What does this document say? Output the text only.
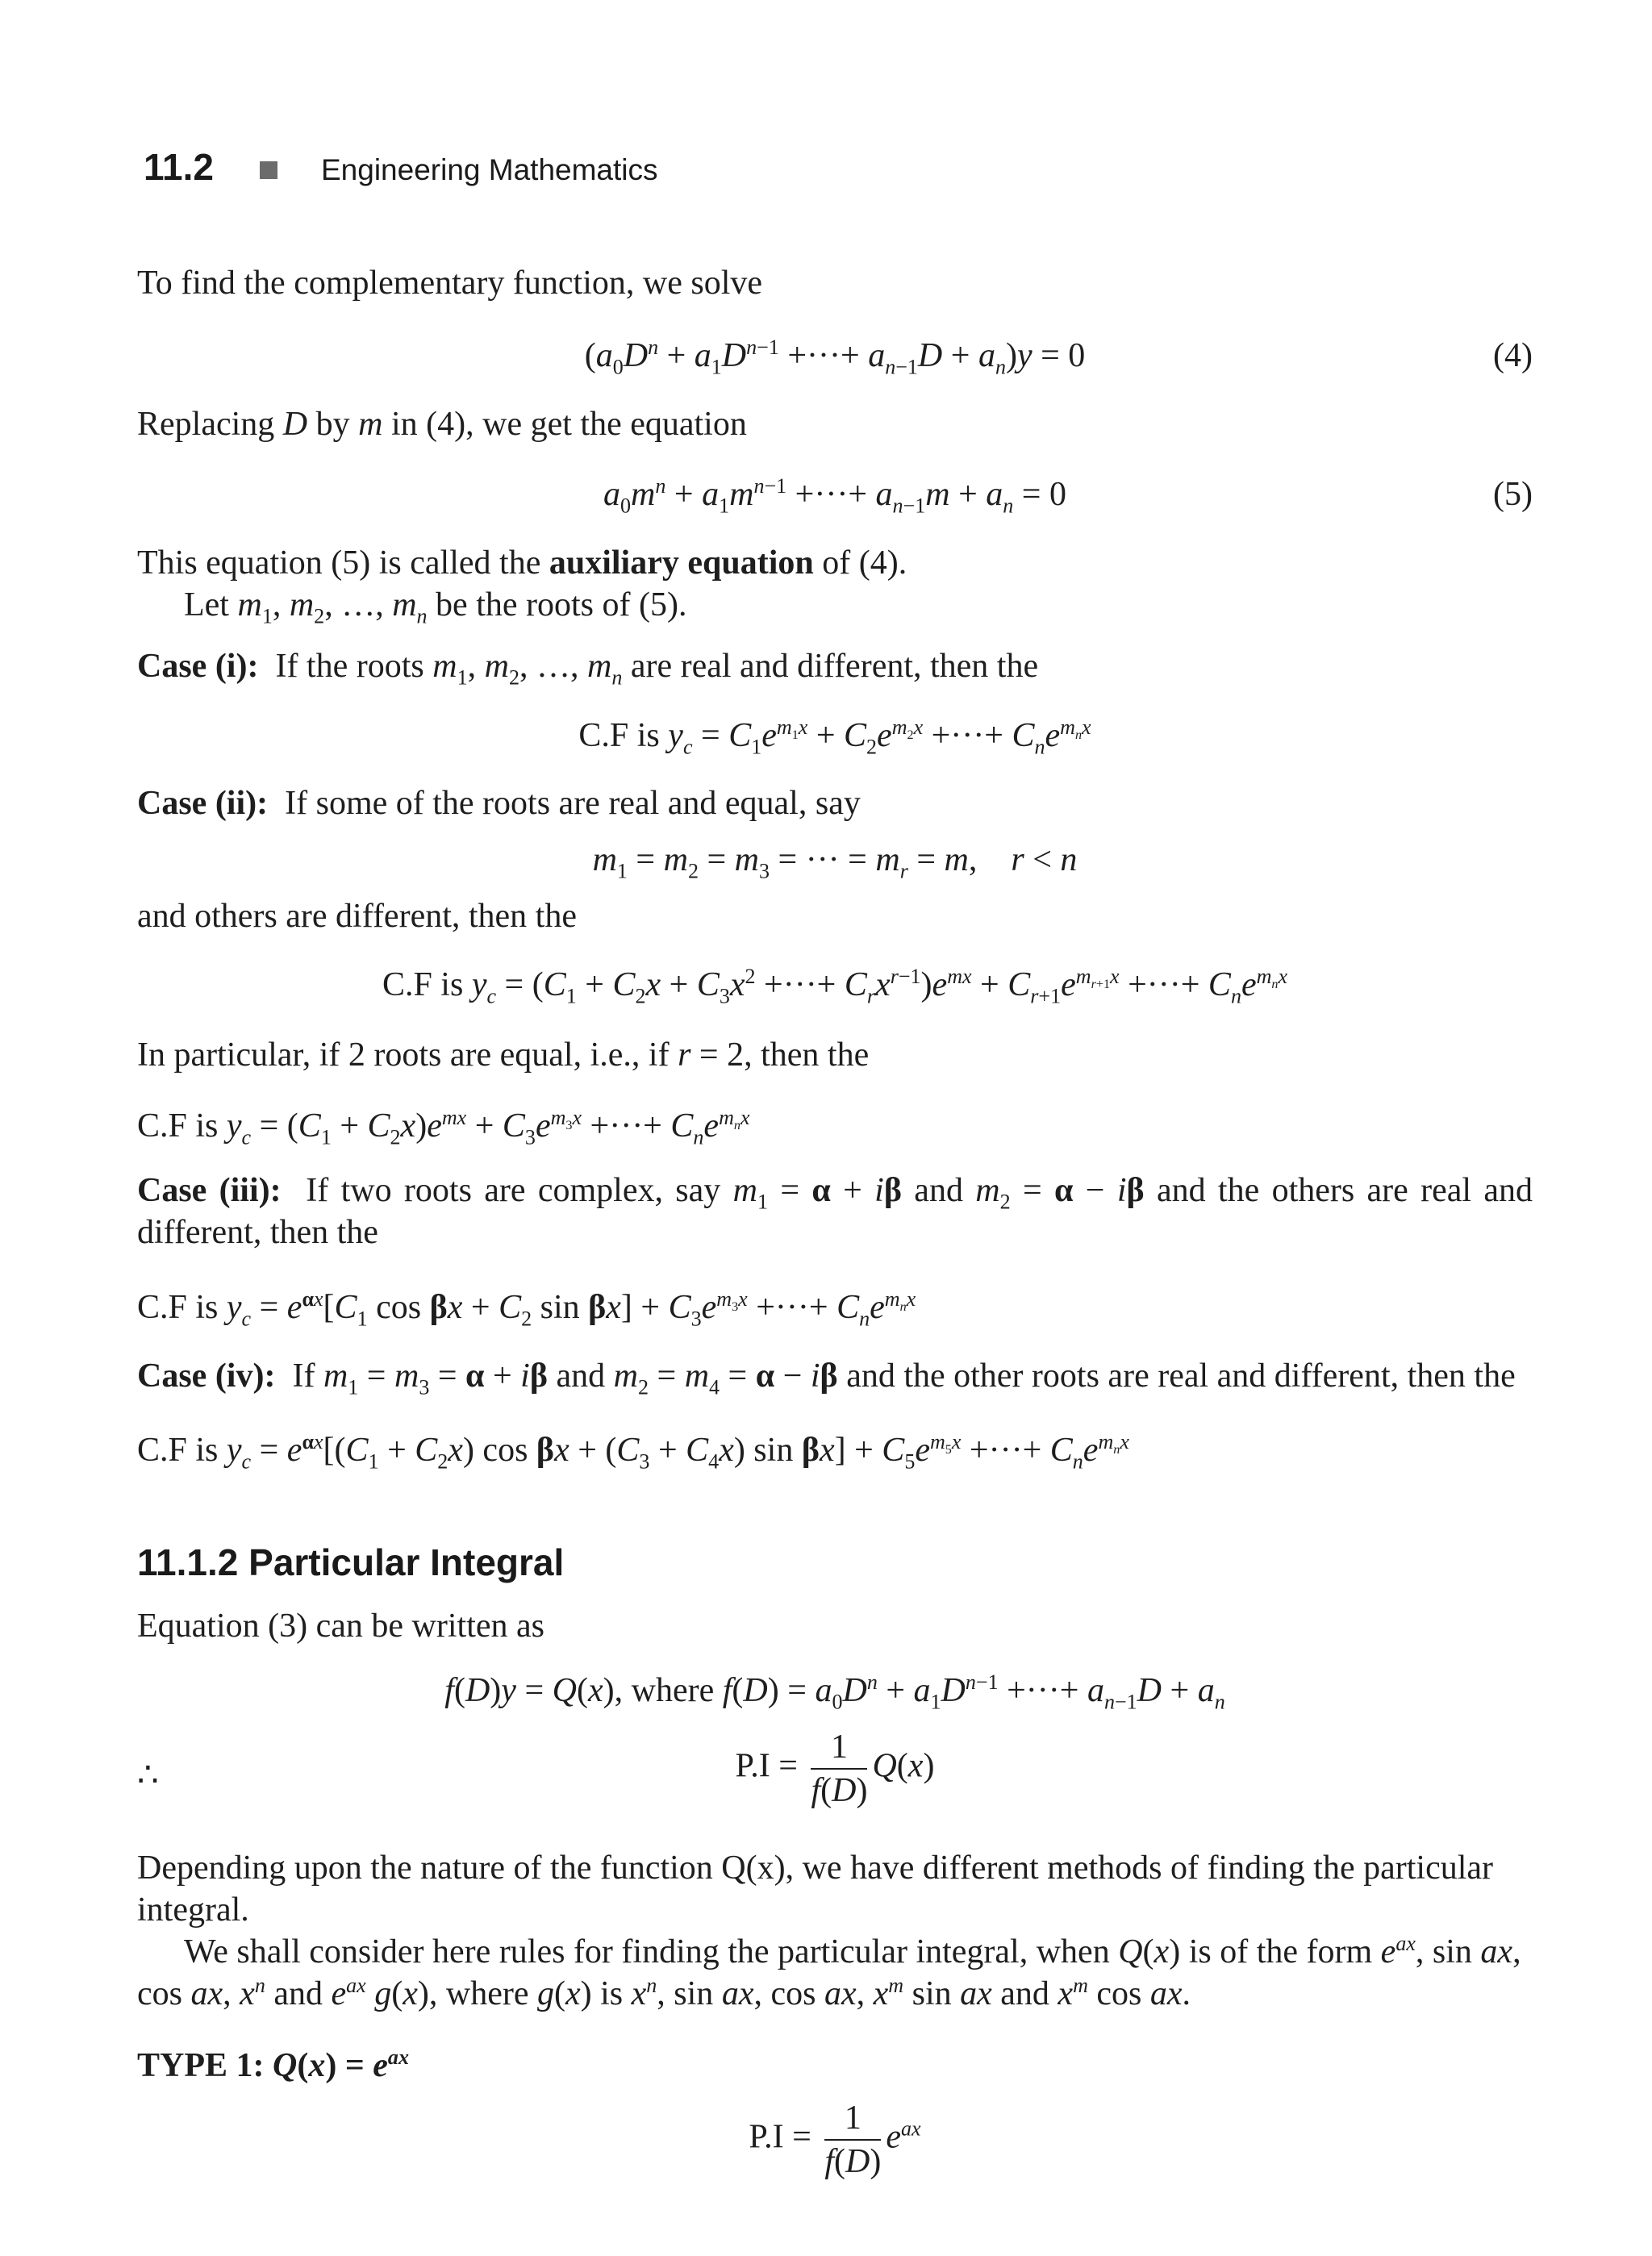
11.2	Engineering Mathematics
To find the complementary function, we solve
($a_0D^n + a_1D^{n-1}$ +···+ $a_{n-1}D + a_n)y = 0$	(4)
Replacing D by m in (4), we get the equation
$a_0m^n + a_1m^{n-1}$ +···+ $a_{n-1}m + a_n = 0$	(5)
This equation (5) is called the auxiliary equation of (4).
Let $m_1$, $m_2$, …, $m_n$ be the roots of (5).
Case (i):  If the roots $m_1$, $m_2$, …, $m_n$ are real and different, then the
C.F is $y_c = C_1e^{m_1x} + C_2e^{m_2x}$ +···+ $C_ne^{m_nx}$
Case (ii): If some of the roots are real and equal, say
$m_1 = m_2 = m_3$ = ··· = $m_r = m$,    r < n
and others are different, then the
C.F is $y_c = (C_1 + C_2x + C_3x^2$ +···+ $C_rx^{r-1})e^{mx} + C_{r+1}e^{m_{r+1}x}$ +···+ $C_ne^{m_nx}$
In particular, if 2 roots are equal, i.e., if r = 2, then the
C.F is $y_c = (C_1 + C_2x)e^{mx} + C_3e^{m_3x}$ +···+ $C_ne^{m_nx}$
Case (iii):  If two roots are complex, say $m_1 = \alpha + i\beta$ and $m_2 = \alpha - i\beta$ and the others are real and
different, then the
C.F is $y_c = e^{\alpha x}[C_1$ $\cos \beta x + C_2$ $\sin \beta x] + C_3e^{m_3x}$ +···+ $C_ne^{m_nx}$
Case (iv):  If $m_1 = m_3 = \alpha + i\beta$ and $m_2 = m_4 = \alpha - i\beta$ and the other roots are real and different, then the
C.F is $y_c = e^{\alpha x}[(C_1 + C_2x)$ $\cos \beta x + (C_3 + C_4x)$ $\sin \beta x] + C_5e^{m_5x}$ +···+ $C_ne^{m_nx}$
11.1.2 Particular Integral
Equation (3) can be written as
f(D)y = Q(x), where $f(D) = a_0D^n + a_1D^{n-1}$ +···+ $a_{n-1}D + a_n$
∴	$P.I = \frac{1}{f(D)} Q(x)$
Depending upon the nature of the function Q(x), we have different methods of finding the particular
integral.
We shall consider here rules for finding the particular integral, when Q(x) is of the form $e^{ax}$, sin ax,
cos ax, $x^n$ and $e^{ax}$ g(x), where g(x) is $x^n$, sin ax, cos ax, $x^m$ sin ax and $x^m$ cos ax.
TYPE 1: $Q(x) = e^{ax}$
$P.I = \frac{1}{f(D)} e^{ax}$
